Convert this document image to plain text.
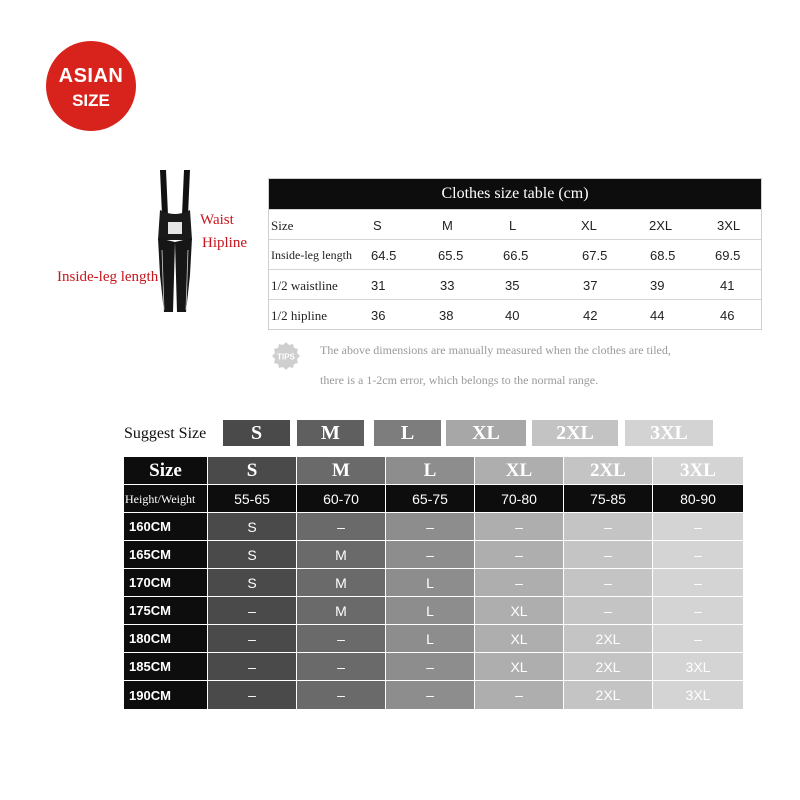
ASIAN
SIZE
Waist
Hipline
Inside-leg length
Clothes size table (cm)
Size	S	M	L	XL	2XL	3XL
Inside-leg length 64.5	65.5	66.5	67.5	68.5	69.5
1/2 waistline	31	33	35	37	39	41
1/2 hipline	36	38	40	42	44	46
TIPS The above dimensions are manually measured when the clothes are tiled,
there is a 1-2cm error, which belongs to the normal range.
Suggest Size	S	M	L	XL	2XL	3XL
Size	S	M	L	XL	2XL	3XL
Height/Weight	55-65	60-70	65-75	70-80	75-85	80-90
160CM	S	–	–	–	–	–
165CM	S	M	–	–	–	–
170CM	S	M	L	–	–	–
175CM	–	M	L	XL	–	–
180CM	–	–	L	XL	2XL	–
185CM	–	–	–	XL	2XL	3XL
190CM	–	–	–	–	2XL	3XL
